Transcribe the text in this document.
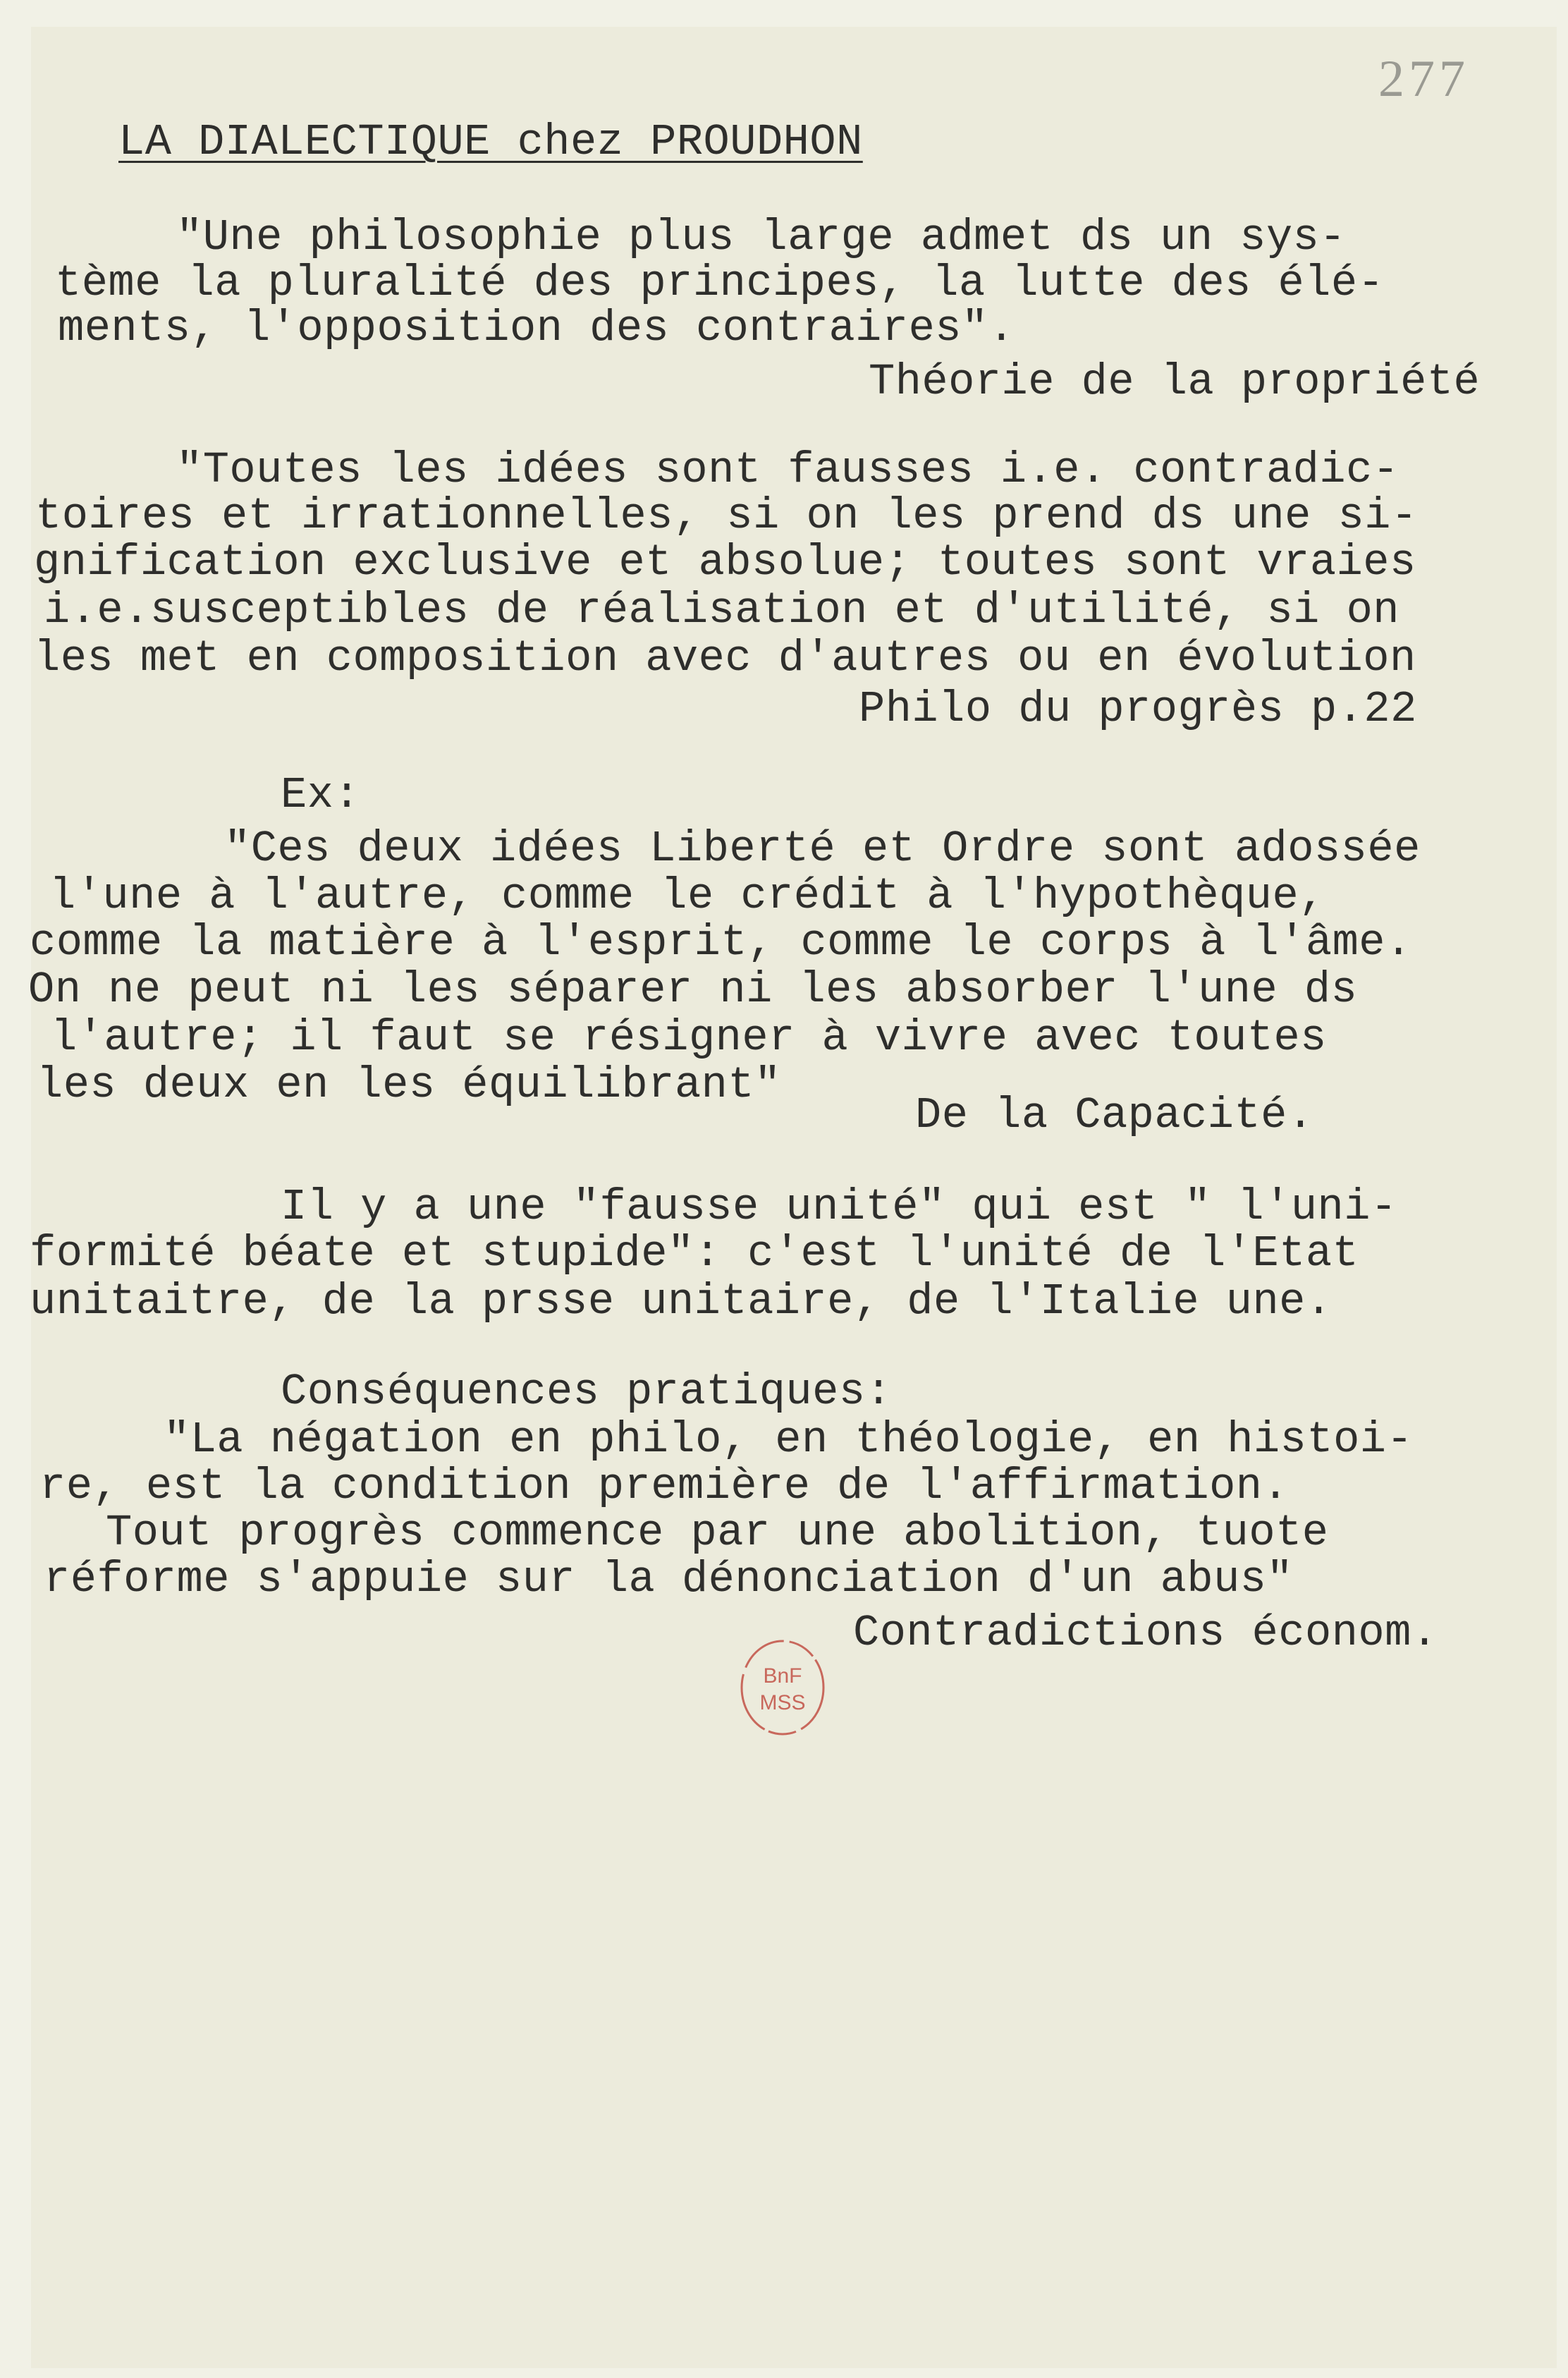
277
LA DIALECTIQUE chez PROUDHON
"Une philosophie plus large admet ds un sys-
tème la pluralité des principes, la lutte des élé-
ments, l'opposition des contraires".
Théorie de la propriété
"Toutes les idées sont fausses i.e. contradic-
toires et irrationnelles, si on les prend ds une si-
gnification exclusive et absolue; toutes sont vraies
i.e.susceptibles de réalisation et d'utilité, si on
les met en composition avec d'autres ou en évolution
Philo du progrès p.22
Ex:
"Ces deux idées Liberté et Ordre sont adossée
l'une à l'autre, comme le crédit à l'hypothèque,
comme la matière à l'esprit, comme le corps à l'âme.
On ne peut ni les séparer ni les absorber l'une ds
l'autre; il faut se résigner à vivre avec toutes
les deux en les équilibrant"
De la Capacité.
Il y a une "fausse unité" qui est " l'uni-
formité béate et stupide": c'est l'unité de l'Etat
unitaitre, de la prsse unitaire, de l'Italie une.
Conséquences pratiques:
"La négation en philo, en théologie, en histoi-
re, est la condition première de l'affirmation.
Tout progrès commence par une abolition, tuote
réforme s'appuie sur la dénonciation d'un abus"
Contradictions économ.
BnF
MSS
